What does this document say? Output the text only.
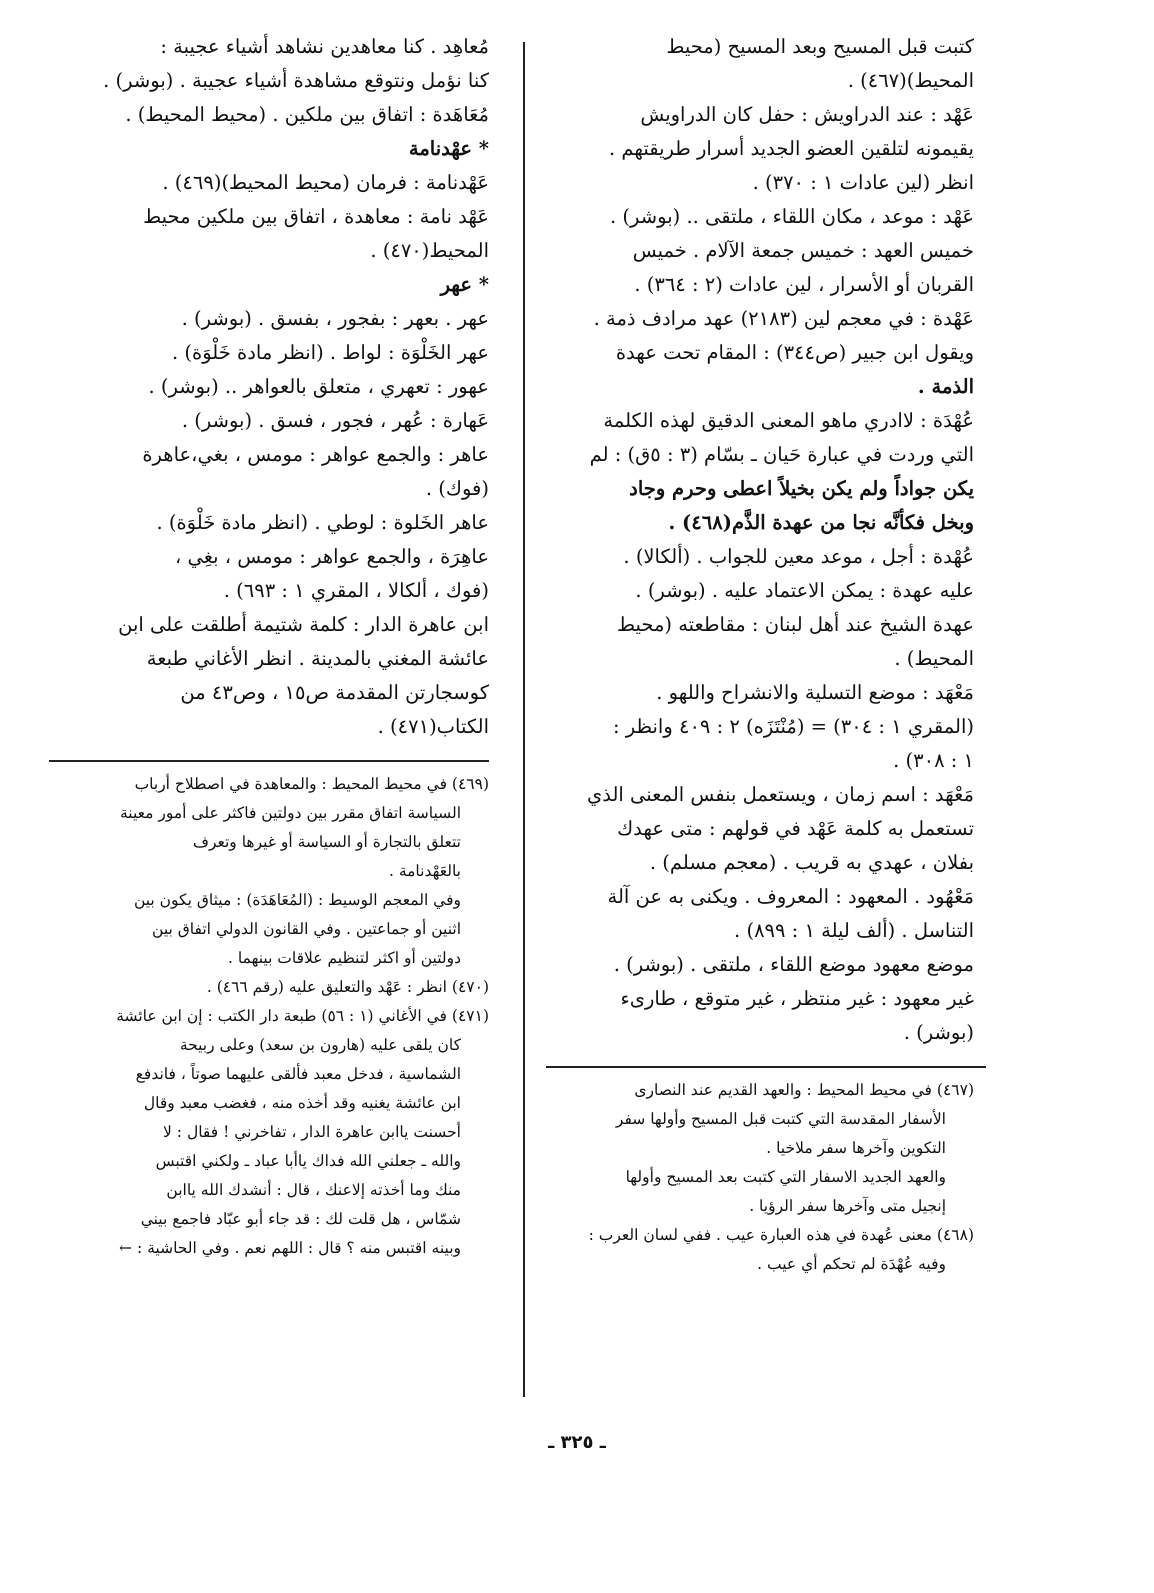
كتبت قبل المسيح وبعد المسيح (محيط
المحيط)(٤٦٧) .
عَهْد : عند الدراويش : حفل كان الدراويش
يقيمونه لتلقين العضو الجديد أسرار طريقتهم .
انظر (لين عادات ١ : ٣٧٠) .
عَهْد : موعد ، مكان اللقاء ، ملتقى .. (بوشر) .
خميس العهد : خميس جمعة الآلام . خميس
القربان أو الأسرار ، لين عادات (٢ : ٣٦٤) .
عَهْدة : في معجم لين (٢١٨٣) عهد مرادف ذمة .
ويقول ابن جبير (ص٣٤٤) : المقام تحت عهدة
الذمة .
عُهْدَة : لاادري ماهو المعنى الدقيق لهذه الكلمة
التي وردت في عبارة حَيان ـ بسّام (٣ : ٥ق) : لم
يكن جواداً ولم يكن بخيلاً اعطى وحرم وجاد
وبخل فكأنَّه نجا من عهدة الذَّم(٤٦٨) .
عُهْدة : أجل ، موعد معين للجواب . (ألكالا) .
عليه عهدة : يمكن الاعتماد عليه . (بوشر) .
عهدة الشيخ عند أهل لبنان : مقاطعته (محيط
المحيط) .
مَعْهَد : موضع التسلية والانشراح واللهو .
(المقري ١ : ٣٠٤) = (مُنْتَزَه) ٢ : ٤٠٩ وانظر :
١ : ٣٠٨) .
مَعْهَد : اسم زمان ، ويستعمل بنفس المعنى الذي
تستعمل به كلمة عَهْد في قولهم : متى عهدك
بفلان ، عهدي به قريب . (معجم مسلم) .
مَعْهُود . المعهود : المعروف . ويكنى به عن آلة
التناسل . (ألف ليلة ١ : ٨٩٩) .
موضع معهود موضع اللقاء ، ملتقى . (بوشر) .
غير معهود : غير منتظر ، غير متوقع ، طارىء
(بوشر) .
(٤٦٧) في محيط المحيط : والعهد القديم عند النصارى
الأسفار المقدسة التي كتبت قبل المسيح وأولها سفر
التكوين وآخرها سفر ملاخيا .
والعهد الجديد الاسفار التي كتبت بعد المسيح وأولها
إنجيل متى وآخرها سفر الرؤيا .
(٤٦٨) معنى عُهدة في هذه العبارة عيب . ففي لسان العرب :
وفيه عُهْدَة لم تحكم أي عيب .
مُعاهِد . كنا معاهدين نشاهد أشياء عجيبة :
كنا نؤمل ونتوقع مشاهدة أشياء عجيبة . (بوشر) .
مُعَاهَدة : اتفاق بين ملكين . (محيط المحيط) .
* عهْدنامة
عَهْدنامة : فرمان (محيط المحيط)(٤٦٩) .
عَهْد نامة : معاهدة ، اتفاق بين ملكين محيط
المحيط(٤٧٠) .
* عهر
عهر . بعهر : بفجور ، بفسق . (بوشر) .
عهر الخَلْوَة : لواط . (انظر مادة خَلْوَة) .
عهور : تعهري ، متعلق بالعواهر .. (بوشر) .
عَهارة : عُهر ، فجور ، فسق . (بوشر) .
عاهر : والجمع عواهر : مومس ، بغي،عاهرة
(فوك) .
عاهر الخَلوة : لوطي . (انظر مادة خَلْوَة) .
عاهِرَة ، والجمع عواهر : مومس ، بغِي ،
(فوك ، ألكالا ، المقري ١ : ٦٩٣) .
ابن عاهرة الدار : كلمة شتيمة أطلقت على ابن
عائشة المغني بالمدينة . انظر الأغاني طبعة
كوسجارتن المقدمة ص١٥ ، وص٤٣ من
الكتاب(٤٧١) .
(٤٦٩) في محيط المحيط : والمعاهدة في اصطلاح أرباب
السياسة اتفاق مقرر بين دولتين فاكثر على أمور معينة
تتعلق بالتجارة أو السياسة أو غيرها وتعرف
بالعَهْدنامة .
وفي المعجم الوسيط : (المُعَاهَدَة) : ميثاق يكون بين
اثنين أو جماعتين . وفي القانون الدولي اتفاق بين
دولتين أو اكثر لتنظيم علاقات بينهما .
(٤٧٠) انظر : عَهْد والتعليق عليه (رقم ٤٦٦) .
(٤٧١) في الأغاني (١ : ٥٦) طبعة دار الكتب : إن ابن عائشة
كان يلقى عليه (هارون بن سعد) وعلى ربيحة
الشماسية ، فدخل معبد فألقى عليهما صوتاً ، فاندفع
ابن عائشة يغنيه وقد أخذه منه ، فغضب معبد وقال
أحسنت ياابن عاهرة الدار ، تفاخرني ! فقال : لا
والله ـ جعلني الله فداك ياأبا عباد ـ ولكني اقتبس
منك وما أخذته إلاعنك ، قال : أنشدك الله ياابن
شمّاس ، هل قلت لك : قد جاء أبو عبّاد فاجمع بيني
وبينه اقتبس منه ؟ قال : اللهم نعم . وفي الحاشية : ←
ـ ٣٢٥ ـ
